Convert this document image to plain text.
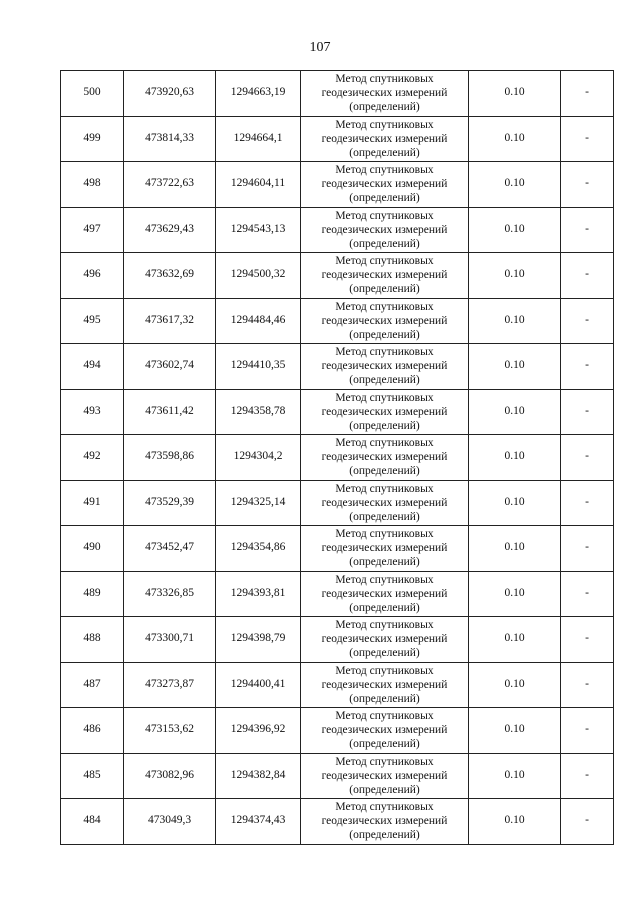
107
500	473920,63	1294663,19	Метод спутниковых
геодезических измерений
(определений)	0.10	-
499	473814,33	1294664,1	Метод спутниковых
геодезических измерений
(определений)	0.10	-
498	473722,63	1294604,11	Метод спутниковых
геодезических измерений
(определений)	0.10	-
497	473629,43	1294543,13	Метод спутниковых
геодезических измерений
(определений)	0.10	-
496	473632,69	1294500,32	Метод спутниковых
геодезических измерений
(определений)	0.10	-
495	473617,32	1294484,46	Метод спутниковых
геодезических измерений
(определений)	0.10	-
494	473602,74	1294410,35	Метод спутниковых
геодезических измерений
(определений)	0.10	-
493	473611,42	1294358,78	Метод спутниковых
геодезических измерений
(определений)	0.10	-
492	473598,86	1294304,2	Метод спутниковых
геодезических измерений
(определений)	0.10	-
491	473529,39	1294325,14	Метод спутниковых
геодезических измерений
(определений)	0.10	-
490	473452,47	1294354,86	Метод спутниковых
геодезических измерений
(определений)	0.10	-
489	473326,85	1294393,81	Метод спутниковых
геодезических измерений
(определений)	0.10	-
488	473300,71	1294398,79	Метод спутниковых
геодезических измерений
(определений)	0.10	-
487	473273,87	1294400,41	Метод спутниковых
геодезических измерений
(определений)	0.10	-
486	473153,62	1294396,92	Метод спутниковых
геодезических измерений
(определений)	0.10	-
485	473082,96	1294382,84	Метод спутниковых
геодезических измерений
(определений)	0.10	-
484	473049,3	1294374,43	Метод спутниковых
геодезических измерений
(определений)	0.10	-
